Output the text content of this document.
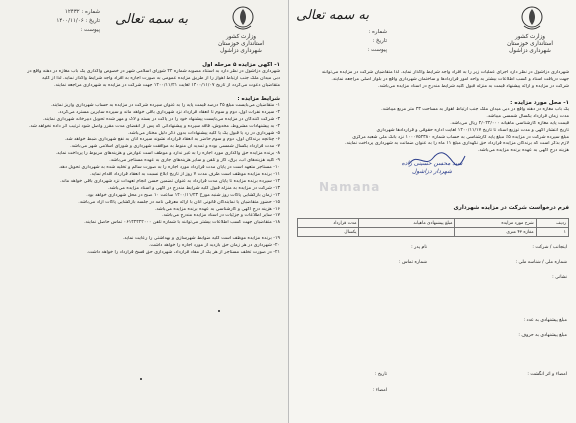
به سمه تعالی
وزارت کشور
استانداری خوزستان
شهرداری دزاشول
شماره :
تاریخ :
پیوست :
شهرداری دزاشول در نظر دارد اجرای عملیات زیر را به افراد واجد شرایط واگذار نماید. لذا متقاضیان شرکت در مزایده می‌توانند
جهت دریافت اسناد و کسب اطلاعات بیشتر به واحد امور قراردادها و ساختمان شهرداری واقع در بلوار اصلی مراجعه نمایند.
شرکت در مزایده و ارائه پیشنهاد قیمت به منزله قبول کلیه شرایط مندرج در اسناد مزایده می‌باشد.
۱- محل مورد مزایده :
یک باب مغازه در دهنه واقع در دبی میدان ملک جنب ارتباط اهواز به مساحت ۴۳ متر مربع میباشد.
مدت زمان قرارداد یکسال شمسی میباشد.
قیمت پایه مغازه کارشناسی ماهیانه ۲/۰۲۲/۰۰۰ ریال می‌باشد.
تاریخ انتشار آگهی و مدت توزیع اسناد تا تاریخ ۱۴۰۰/۱۱/۱۷ لغایت اداره حقوقی و قراردادها شهرداری
مبلغ سپرده شرکت در مزایده ۵٪ مبلغ پایه کارشناسی به حساب شماره ۱۰۰۰۷۵۴۳۸۰ نزد بانک ملی شعبه مرکزی
لازم بذکر است که برندگان مزایده قرارداد حق نگهداری مبلغ ۱۱ ماه را به عنوان ضمانت به شهرداری پرداخت نمایند.
هزینه درج آگهی به عهده برنده مزایده می‌باشد.
سید محسن حسینی زاده
شهردار دزاشول
فرم درخواست شرکت در مزایده شهرداری
ردیف	شرح مورد مزایده	مبلغ پیشنهادی ماهیانه	مدت قرارداد
۱	مغازه ۴۳ متری		یکسال
اینجانب / شرکت :
نام پدر :
شماره ملی / شناسه ملی :
شماره تماس :
نشانی :
مبلغ پیشنهادی به عدد :
مبلغ پیشنهادی به حروف :
امضاء و اثر انگشت :
تاریخ :
امضاء :
Namana
به سمه تعالی
وزارت کشور
استانداری خوزستان
شهرداری دزاشول
شماره : ۱۲۴۳۲
تاریخ : ۱۴۰۰/۱۱/۰۶
پیوست :
۱- آگهی مزایده ۵ مرحله اول
شهرداری دزاشول در نظر دارد به استناد مصوبه شماره ۴۲ شورای اسلامی شهر در خصوص واگذاری یک باب مغازه در دهنه واقع در
دبی میدان ملک جنب ارتباط اهواز را از طریق مزایده عمومی به صورت اجاره به افراد واجد شرایط واگذار نماید. لذا از کلیه
متقاضیان دعوت می‌گردد از تاریخ ۱۴۰۰/۱۱/۰۷ لغایت ۱۴۰۰/۱۱/۲۱ جهت شرکت در مزایده به شهرداری مراجعه نمایند.
شرایط مزایده :
۱- متقاضیان می‌بایست مبلغ ۲۵ درصد قیمت پایه را به عنوان سپرده شرکت در مزایده به حساب شهرداری واریز نمایند.
۲- سپرده نفرات اول، دوم و سوم تا انعقاد قرارداد نزد شهرداری باقی خواهد ماند و سپرده سایرین مسترد می‌گردد.
۳- شرکت کنندگان در مزایده می‌بایست پیشنهاد خود را در پاکت در بسته و لاک و مهر شده تحویل دبیرخانه شهرداری نمایند.
۴- به پیشنهادات مشروط، مخدوش، فاقد سپرده و پیشنهاداتی که پس از انقضای مدت مقرر واصل شود ترتیب اثر داده نخواهد شد.
۵- شهرداری در رد یا قبول یک یا کلیه پیشنهادات بدون ذکر دلیل مختار می‌باشد.
۶- چنانچه برندگان اول، دوم و سوم حاضر به انعقاد قرارداد نشوند سپرده آنان به نفع شهرداری ضبط خواهد شد.
۷- مدت قرارداد یکسال شمسی بوده و تمدید آن منوط به موافقت شهرداری و شورای اسلامی شهر می‌باشد.
۸- برنده مزایده حق واگذاری مورد اجاره را به غیر ندارد و موظف است عوارض و هزینه‌های مربوط را پرداخت نماید.
۹- کلیه هزینه‌های آب، برق، گاز و تلفن و سایر هزینه‌های جاری به عهده مستاجر می‌باشد.
۱۰- مستاجر متعهد است در پایان مدت قرارداد مورد اجاره را به صورت سالم و تخلیه شده به شهرداری تحویل دهد.
۱۱- برنده مزایده موظف است ظرف مدت ۷ روز از تاریخ ابلاغ نسبت به انعقاد قرارداد اقدام نماید.
۱۲- سپرده برنده مزایده تا پایان مدت قرارداد به عنوان تضمین حسن انجام تعهدات نزد شهرداری باقی خواهد ماند.
۱۳- شرکت در مزایده به منزله قبول کلیه شرایط مندرج در آگهی و اسناد مزایده می‌باشد.
۱۴- زمان بازگشایی پاکات روز شنبه مورخ ۱۴۰۰/۱۱/۲۳ ساعت ۱۰ صبح در محل شهرداری خواهد بود.
۱۵- حضور متقاضیان یا نمایندگان قانونی آنان با ارائه معرفی نامه در جلسه بازگشایی پاکات آزاد می‌باشد.
۱۶- هزینه درج آگهی و کارشناسی به عهده برنده مزایده می‌باشد.
۱۷- سایر اطلاعات و جزئیات در اسناد مزایده مندرج می‌باشد.
۱۸- متقاضیان جهت کسب اطلاعات بیشتر می‌توانند با شماره تلفن ۰۶۱۴۲۴۲۲۰۰۰ تماس حاصل نمایند.
۱۹- برنده مزایده موظف است کلیه ضوابط شهرسازی و بهداشتی را رعایت نماید.
۲۰- شهرداری در هر زمان حق بازدید از مورد اجاره را خواهد داشت.
۲۱- در صورت تخلف مستاجر از هر یک از مفاد قرارداد، شهرداری حق فسخ قرارداد را خواهد داشت.
